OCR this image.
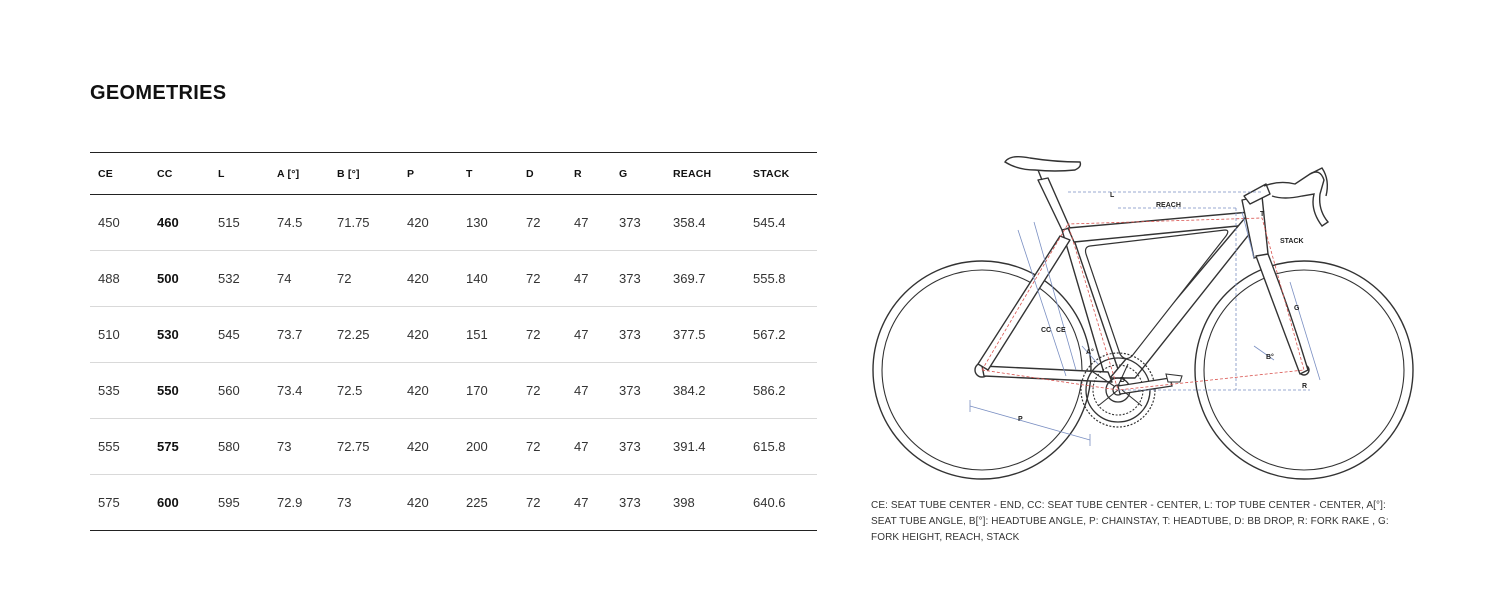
GEOMETRIES
CE	CC	L	A [°]	B [°]	P	T	D	R	G	REACH	STACK
450	460	515	74.5	71.75	420	130	72	47	373	358.4	545.4
488	500	532	74	72	420	140	72	47	373	369.7	555.8
510	530	545	73.7	72.25	420	151	72	47	373	377.5	567.2
535	550	560	73.4	72.5	420	170	72	47	373	384.2	586.2
555	575	580	73	72.75	420	200	72	47	373	391.4	615.8
575	600	595	72.9	73	420	225	72	47	373	398	640.6
L
REACH
T
STACK
G
CC CE
A°
B°
D
P
R

CE: SEAT TUBE CENTER - END, CC: SEAT TUBE CENTER - CENTER, L: TOP TUBE CENTER - CENTER, A[°]: SEAT TUBE ANGLE, B[°]: HEADTUBE ANGLE, P: CHAINSTAY, T: HEADTUBE, D: BB DROP, R: FORK RAKE , G: FORK HEIGHT, REACH, STACK
